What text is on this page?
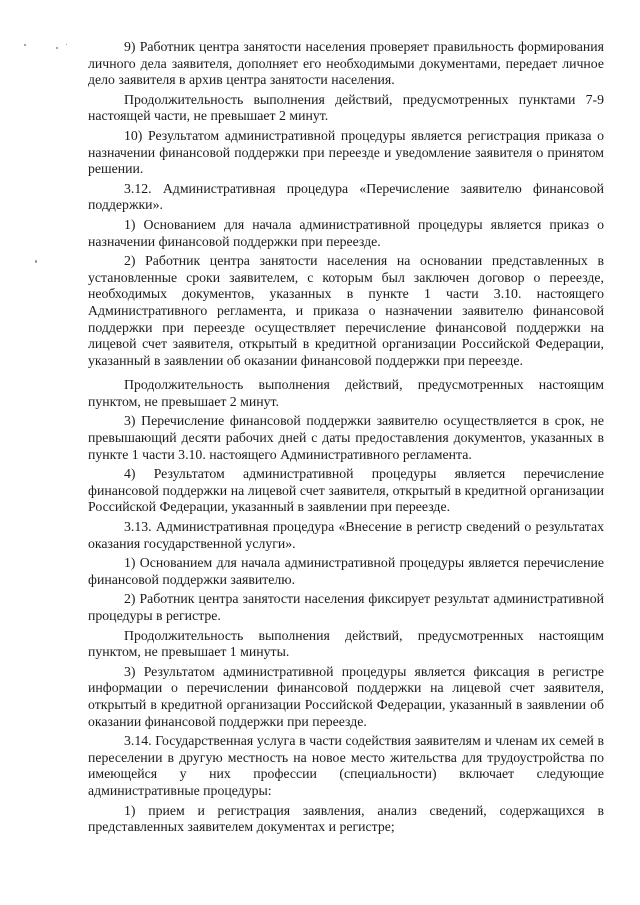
9) Работник центра занятости населения проверяет правильность формирования личного дела заявителя, дополняет его необходимыми документами, передает личное дело заявителя в архив центра занятости населения.

Продолжительность выполнения действий, предусмотренных пунктами 7-9 настоящей части, не превышает 2 минут.

10) Результатом административной процедуры является регистрация приказа о назначении финансовой поддержки при переезде и уведомление заявителя о принятом решении.

3.12. Административная процедура «Перечисление заявителю финансовой поддержки».

1) Основанием для начала административной процедуры является приказ о назначении финансовой поддержки при переезде.

2) Работник центра занятости населения на основании представленных в установленные сроки заявителем, с которым был заключен договор о переезде, необходимых документов, указанных в пункте 1 части 3.10. настоящего Административного регламента, и приказа о назначении заявителю финансовой поддержки при переезде осуществляет перечисление финансовой поддержки на лицевой счет заявителя, открытый в кредитной организации Российской Федерации, указанный в заявлении об оказании финансовой поддержки при переезде.

Продолжительность выполнения действий, предусмотренных настоящим пунктом, не превышает 2 минут.

3) Перечисление финансовой поддержки заявителю осуществляется в срок, не превышающий десяти рабочих дней с даты предоставления документов, указанных в пункте 1 части 3.10. настоящего Административного регламента.

4) Результатом административной процедуры является перечисление финансовой поддержки на лицевой счет заявителя, открытый в кредитной организации Российской Федерации, указанный в заявлении при переезде.

3.13. Административная процедура «Внесение в регистр сведений о результатах оказания государственной услуги».

1) Основанием для начала административной процедуры является перечисление финансовой поддержки заявителю.

2) Работник центра занятости населения фиксирует результат административной процедуры в регистре.

Продолжительность выполнения действий, предусмотренных настоящим пунктом, не превышает 1 минуты.

3) Результатом административной процедуры является фиксация в регистре информации о перечислении финансовой поддержки на лицевой счет заявителя, открытый в кредитной организации Российской Федерации, указанный в заявлении об оказании финансовой поддержки при переезде.

3.14. Государственная услуга в части содействия заявителям и членам их семей в переселении в другую местность на новое место жительства для трудоустройства по имеющейся у них профессии (специальности) включает следующие административные процедуры:

1) прием и регистрация заявления, анализ сведений, содержащихся в представленных заявителем документах и регистре;
